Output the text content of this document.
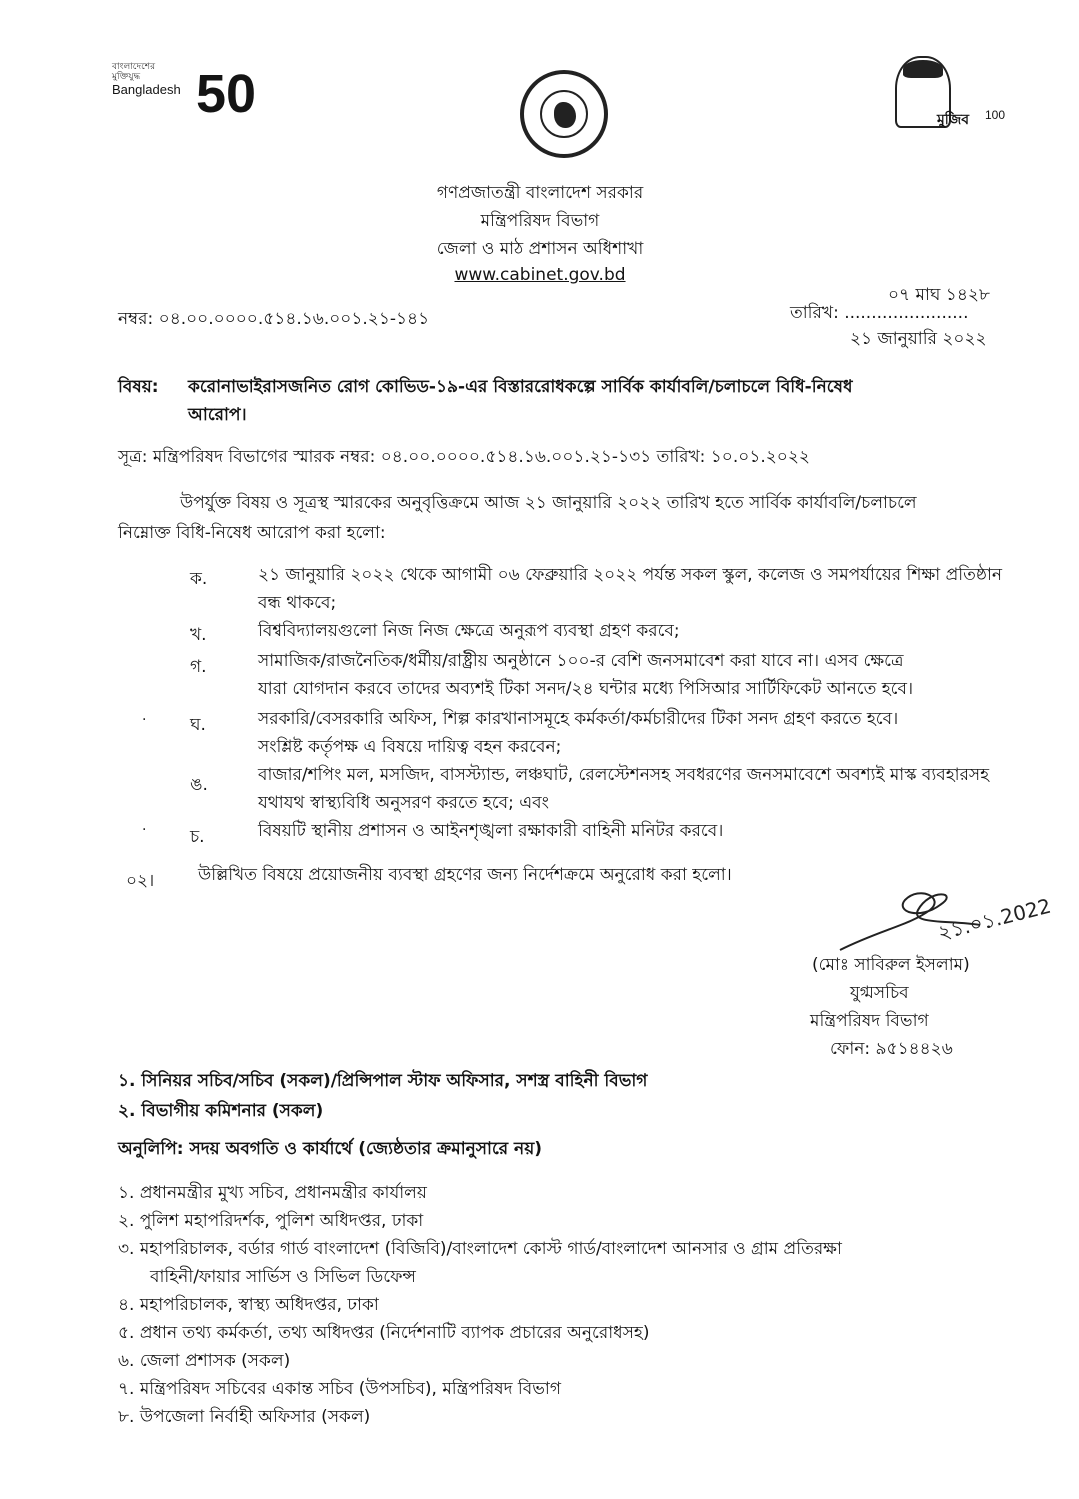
বাংলাদেশের
মুক্তিযুদ্ধ
Bangladesh 50	মুজিব 100
গণপ্রজাতন্ত্রী বাংলাদেশ সরকার
মন্ত্রিপরিষদ বিভাগ
জেলা ও মাঠ প্রশাসন অধিশাখা
www.cabinet.gov.bd
০৭ মাঘ ১৪২৮
নম্বর: ০৪.০০.০০০০.৫১৪.১৬.০০১.২১-১৪১	তারিখ: .......................
২১ জানুয়ারি ২০২২
বিষয়: করোনাভাইরাসজনিত রোগ কোভিড-১৯-এর বিস্তাররোধকল্পে সার্বিক কার্যাবলি/চলাচলে বিধি-নিষেধ
আরোপ।
সূত্র: মন্ত্রিপরিষদ বিভাগের স্মারক নম্বর: ০৪.০০.০০০০.৫১৪.১৬.০০১.২১-১৩১ তারিখ: ১০.০১.২০২২
উপর্যুক্ত বিষয় ও সূত্রস্থ স্মারকের অনুবৃত্তিক্রমে আজ ২১ জানুয়ারি ২০২২ তারিখ হতে সার্বিক কার্যাবলি/চলাচলে
নিম্নোক্ত বিধি-নিষেধ আরোপ করা হলো:
ক.	২১ জানুয়ারি ২০২২ থেকে আগামী ০৬ ফেব্রুয়ারি ২০২২ পর্যন্ত সকল স্কুল, কলেজ ও সমপর্যায়ের শিক্ষা প্রতিষ্ঠান
বন্ধ থাকবে;
খ.	বিশ্ববিদ্যালয়গুলো নিজ নিজ ক্ষেত্রে অনুরূপ ব্যবস্থা গ্রহণ করবে;
গ.	সামাজিক/রাজনৈতিক/ধর্মীয়/রাষ্ট্রীয় অনুষ্ঠানে ১০০-র বেশি জনসমাবেশ করা যাবে না। এসব ক্ষেত্রে
যারা যোগদান করবে তাদের অব্যশই টিকা সনদ/২৪ ঘন্টার মধ্যে পিসিআর সার্টিফিকেট আনতে হবে।
·	ঘ.	সরকারি/বেসরকারি অফিস, শিল্প কারখানাসমূহে কর্মকর্তা/কর্মচারীদের টিকা সনদ গ্রহণ করতে হবে।
সংশ্লিষ্ট কর্তৃপক্ষ এ বিষয়ে দায়িত্ব বহন করবেন;
ঙ.	বাজার/শপিং মল, মসজিদ, বাসস্ট্যান্ড, লঞ্চঘাট, রেলস্টেশনসহ সবধরণের জনসমাবেশে অবশ্যই মাস্ক ব্যবহারসহ
যথাযথ স্বাস্থ্যবিধি অনুসরণ করতে হবে; এবং
·	চ.	বিষয়টি স্থানীয় প্রশাসন ও আইনশৃঙ্খলা রক্ষাকারী বাহিনী মনিটর করবে।
০২।	উল্লিখিত বিষয়ে প্রয়োজনীয় ব্যবস্থা গ্রহণের জন্য নির্দেশক্রমে অনুরোধ করা হলো।
২১.০১.2022
(মোঃ সাবিরুল ইসলাম)
যুগ্মসচিব
মন্ত্রিপরিষদ বিভাগ
ফোন: ৯৫১৪৪২৬
১. সিনিয়র সচিব/সচিব (সকল)/প্রিন্সিপাল স্টাফ অফিসার, সশস্ত্র বাহিনী বিভাগ
২. বিভাগীয় কমিশনার (সকল)
অনুলিপি: সদয় অবগতি ও কার্যার্থে (জ্যেষ্ঠতার ক্রমানুসারে নয়)
১. প্রধানমন্ত্রীর মুখ্য সচিব, প্রধানমন্ত্রীর কার্যালয়
২. পুলিশ মহাপরিদর্শক, পুলিশ অধিদপ্তর, ঢাকা
৩. মহাপরিচালক, বর্ডার গার্ড বাংলাদেশ (বিজিবি)/বাংলাদেশ কোস্ট গার্ড/বাংলাদেশ আনসার ও গ্রাম প্রতিরক্ষা
বাহিনী/ফায়ার সার্ভিস ও সিভিল ডিফেন্স
৪. মহাপরিচালক, স্বাস্থ্য অধিদপ্তর, ঢাকা
৫. প্রধান তথ্য কর্মকর্তা, তথ্য অধিদপ্তর (নির্দেশনাটি ব্যাপক প্রচারের অনুরোধসহ)
৬. জেলা প্রশাসক (সকল)
৭. মন্ত্রিপরিষদ সচিবের একান্ত সচিব (উপসচিব), মন্ত্রিপরিষদ বিভাগ
৮. উপজেলা নির্বাহী অফিসার (সকল)
